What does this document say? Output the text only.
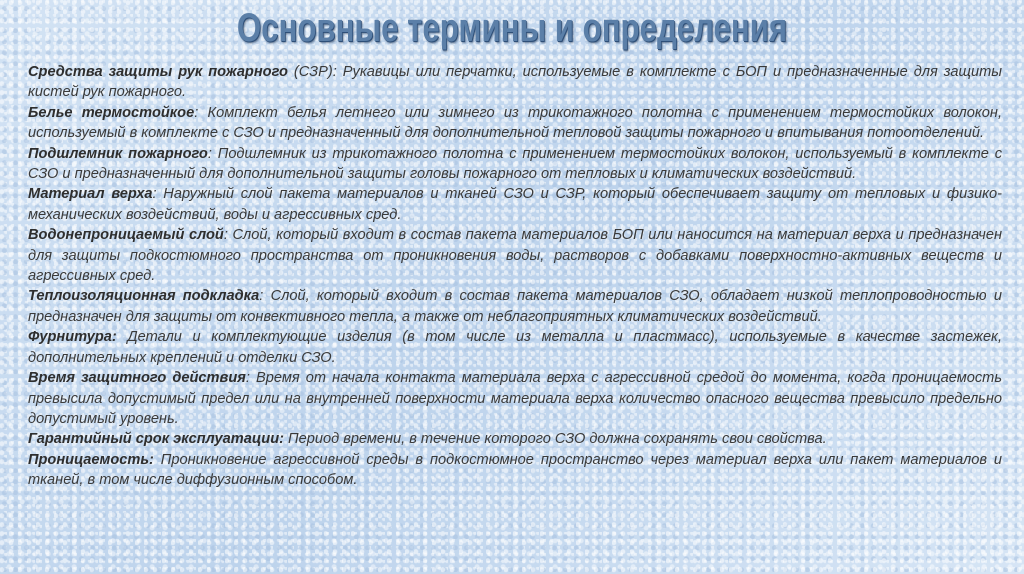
Основные термины и определения

Средства защиты рук пожарного (СЗР): Рукавицы или перчатки, используемые в комплекте с БОП и предназначенные для защиты кистей рук пожарного.

Белье термостойкое: Комплект белья летнего или зимнего из трикотажного полотна с применением термостойких волокон, используемый в комплекте с СЗО и предназначенный для дополнительной тепловой защиты пожарного и впитывания потоотделений.

Подшлемник пожарного: Подшлемник из трикотажного полотна с применением термостойких волокон, используемый в комплекте с СЗО и предназначенный для дополнительной защиты головы пожарного от тепловых и климатических воздействий.

Материал верха: Наружный слой пакета материалов и тканей СЗО и СЗР, который обеспечивает защиту от тепловых и физико-механических воздействий, воды и агрессивных сред.

Водонепроницаемый слой: Слой, который входит в состав пакета материалов БОП или наносится на материал верха и предназначен для защиты подкостюмного пространства от проникновения воды, растворов с добавками поверхностно-активных веществ и агрессивных сред.

Теплоизоляционная подкладка: Слой, который входит в состав пакета материалов СЗО, обладает низкой теплопроводностью и предназначен для защиты от конвективного тепла, а также от неблагоприятных климатических воздействий.

Фурнитура: Детали и комплектующие изделия (в том числе из металла и пластмасс), используемые в качестве застежек, дополнительных креплений и отделки СЗО.

Время защитного действия: Время от начала контакта материала верха с агрессивной средой до момента, когда проницаемость превысила допустимый предел или на внутренней поверхности материала верха количество опасного вещества превысило предельно допустимый уровень.

Гарантийный срок эксплуатации: Период времени, в течение которого СЗО должна сохранять свои свойства.

Проницаемость: Проникновение агрессивной среды в подкостюмное пространство через материал верха или пакет материалов и тканей, в том числе диффузионным способом.
